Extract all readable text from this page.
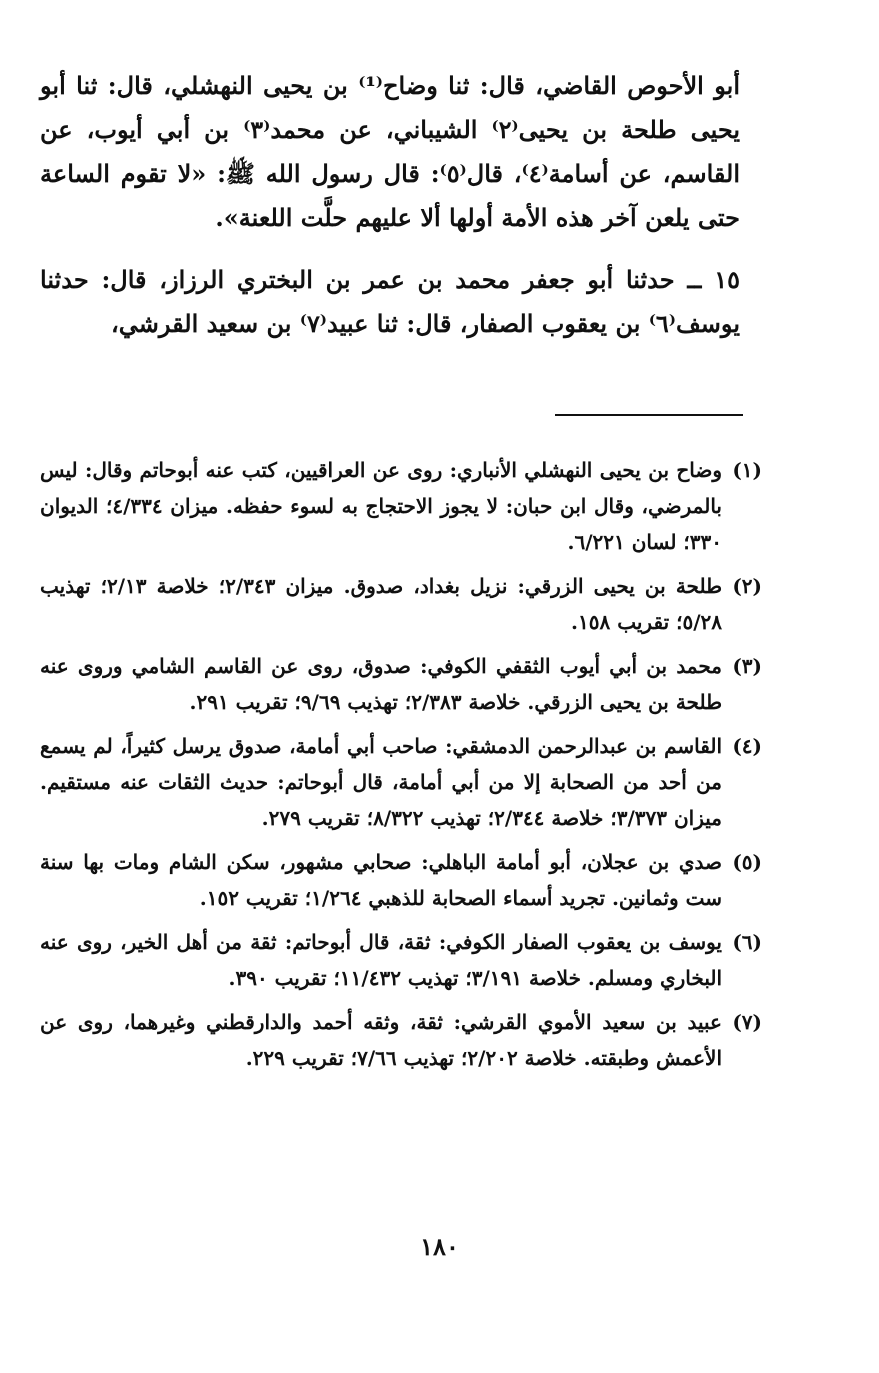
أبو الأحوص القاضي، قال: ثنا وضاح⁽¹⁾ بن يحيى النهشلي، قال: ثنا أبو يحيى طلحة بن يحيى⁽٢⁾ الشيباني، عن محمد⁽٣⁾ بن أبي أيوب، عن القاسم، عن أسامة⁽٤⁾، قال⁽٥⁾: قال رسول الله ﷺ: «لا تقوم الساعة حتى يلعن آخر هذه الأمة أولها ألا عليهم حلَّت اللعنة».

١٥ ــ حدثنا أبو جعفر محمد بن عمر بن البختري الرزاز، قال: حدثنا يوسف⁽٦⁾ بن يعقوب الصفار، قال: ثنا عبيد⁽٧⁾ بن سعيد القرشي،

(١)
وضاح بن يحيى النهشلي الأنباري: روى عن العراقيين، كتب عنه أبوحاتم وقال: ليس بالمرضي، وقال ابن حبان: لا يجوز الاحتجاج به لسوء حفظه. ميزان ٤/٣٣٤؛ الديوان ٣٣٠؛ لسان ٦/٢٢١.
(٢)
طلحة بن يحيى الزرقي: نزيل بغداد، صدوق. ميزان ٢/٣٤٣؛ خلاصة ٢/١٣؛ تهذيب ٥/٢٨؛ تقريب ١٥٨.
(٣)
محمد بن أبي أيوب الثقفي الكوفي: صدوق، روى عن القاسم الشامي وروى عنه طلحة بن يحيى الزرقي. خلاصة ٢/٣٨٣؛ تهذيب ٩/٦٩؛ تقريب ٢٩١.
(٤)
القاسم بن عبدالرحمن الدمشقي: صاحب أبي أمامة، صدوق يرسل كثيراً، لم يسمع من أحد من الصحابة إلا من أبي أمامة، قال أبوحاتم: حديث الثقات عنه مستقيم. ميزان ٣/٣٧٣؛ خلاصة ٢/٣٤٤؛ تهذيب ٨/٣٢٢؛ تقريب ٢٧٩.
(٥)
صدي بن عجلان، أبو أمامة الباهلي: صحابي مشهور، سكن الشام ومات بها سنة ست وثمانين. تجريد أسماء الصحابة للذهبي ١/٢٦٤؛ تقريب ١٥٢.
(٦)
يوسف بن يعقوب الصفار الكوفي: ثقة، قال أبوحاتم: ثقة من أهل الخير، روى عنه البخاري ومسلم. خلاصة ٣/١٩١؛ تهذيب ١١/٤٣٢؛ تقريب ٣٩٠.
(٧)
عبيد بن سعيد الأموي القرشي: ثقة، وثقه أحمد والدارقطني وغيرهما، روى عن الأعمش وطبقته. خلاصة ٢/٢٠٢؛ تهذيب ٧/٦٦؛ تقريب ٢٢٩.
١٨٠
